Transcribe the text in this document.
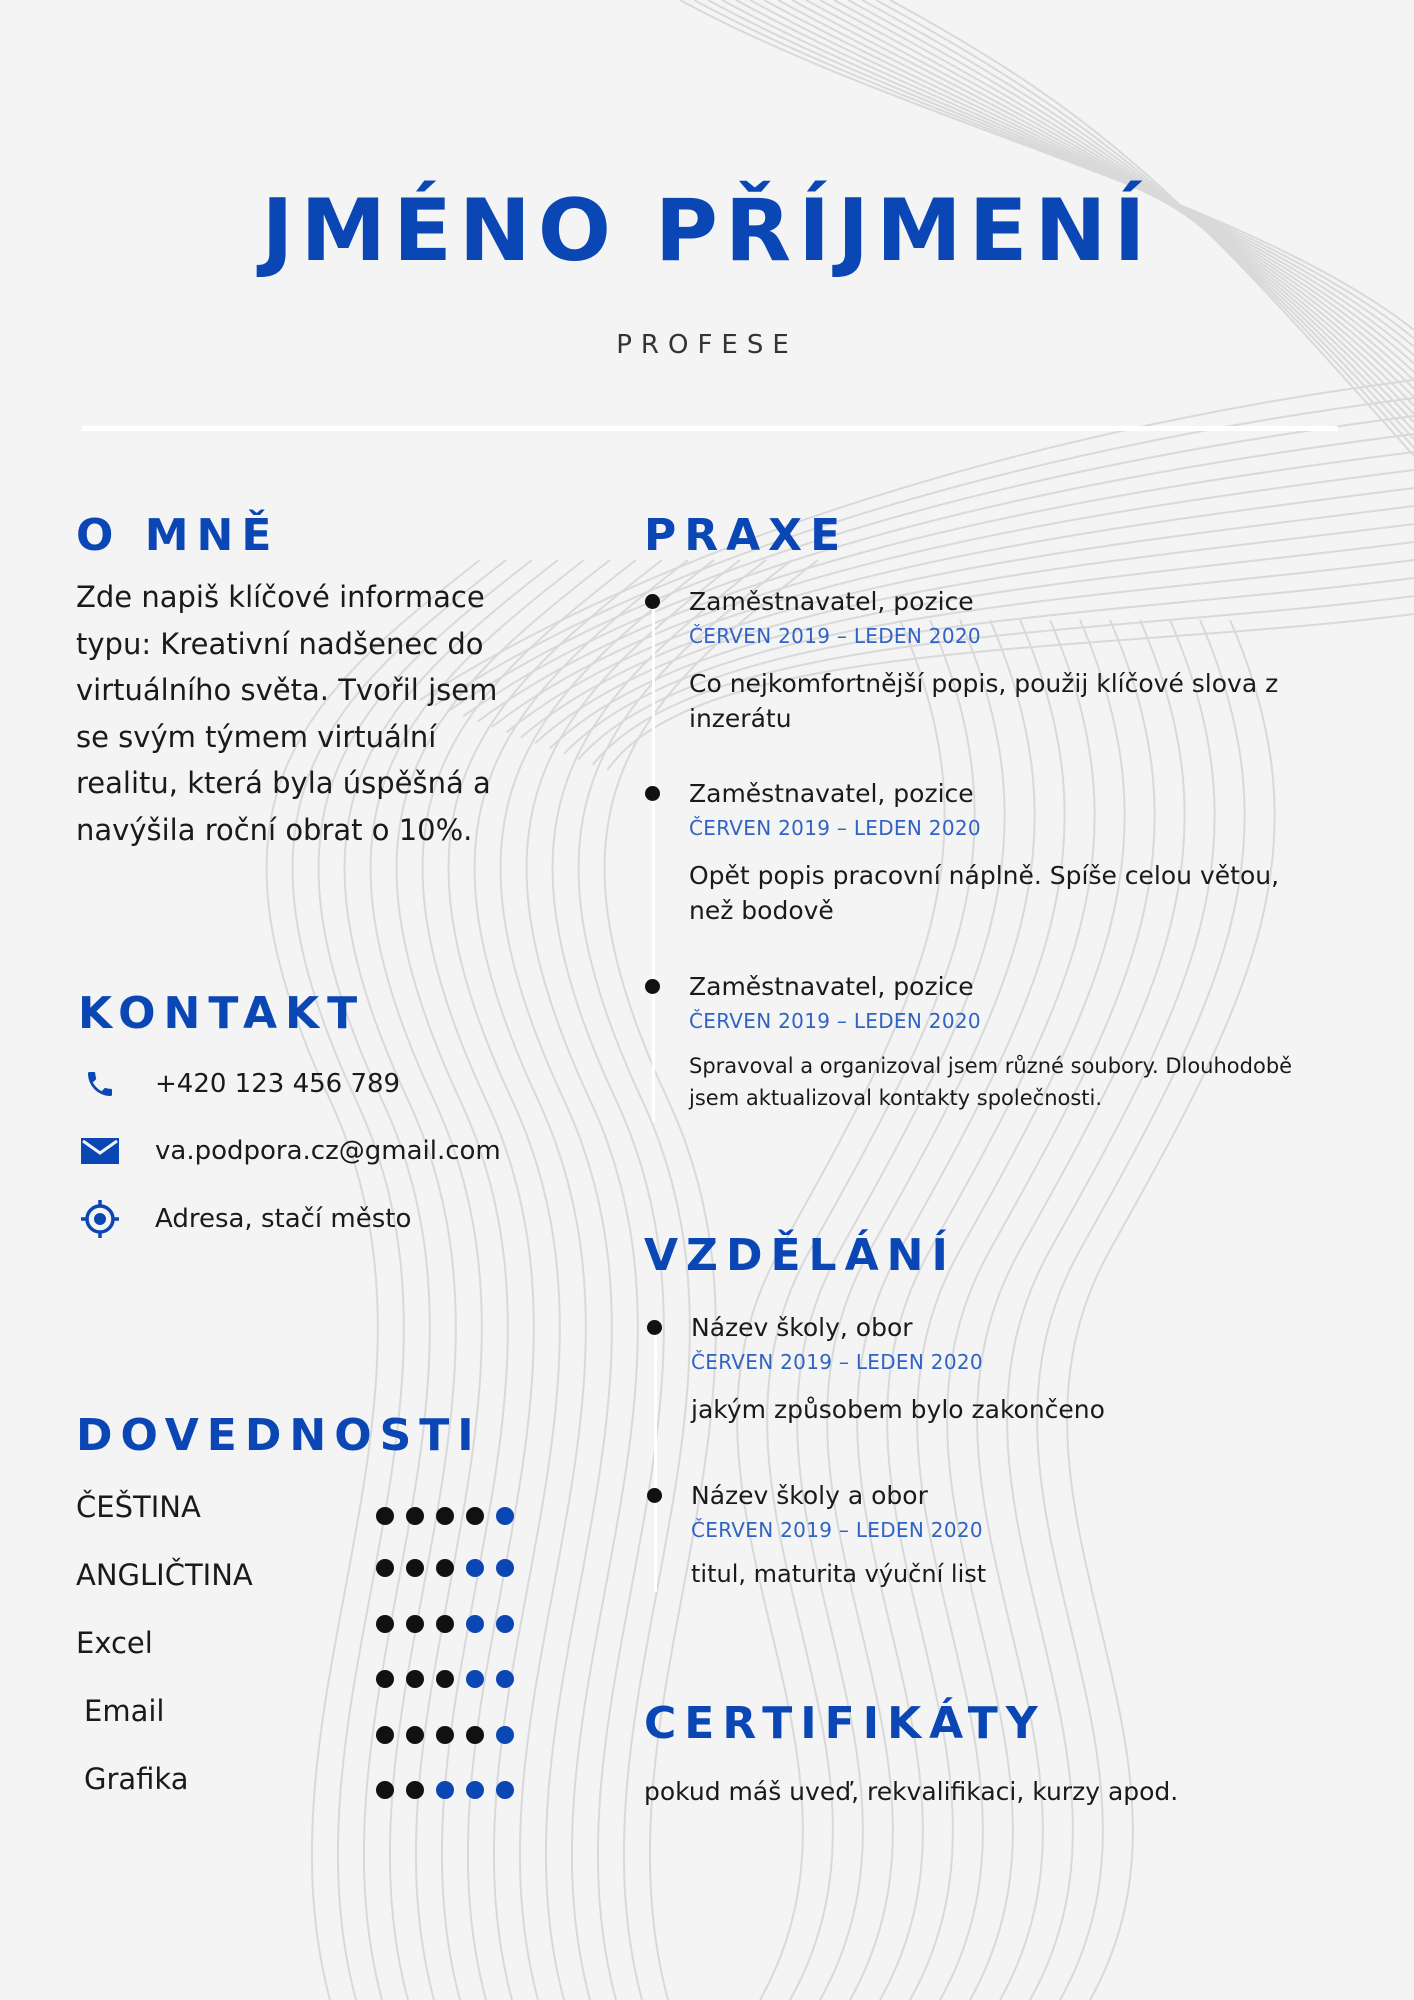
JMÉNO PŘÍJMENÍ
PROFESE
O MNĚ
Zde napiš klíčové informace
typu: Kreativní nadšenec do
virtuálního světa. Tvořil jsem
se svým týmem virtuální
realitu, která byla úspěšná a
navýšila roční obrat o 10%.
KONTAKT
+420 123 456 789
va.podpora.cz@gmail.com
Adresa, stačí město
DOVEDNOSTI
ČEŠTINA
ANGLIČTINA
Excel
Email
Grafika
PRAXE
Zaměstnavatel, pozice
ČERVEN 2019 – LEDEN 2020
Co nejkomfortnější popis, použij klíčové slova z inzerátu
Zaměstnavatel, pozice
ČERVEN 2019 – LEDEN 2020
Opět popis pracovní náplně. Spíše celou větou, než bodově
Zaměstnavatel, pozice
ČERVEN 2019 – LEDEN 2020
Spravoval a organizoval jsem různé soubory. Dlouhodobě jsem aktualizoval kontakty společnosti.
VZDĚLÁNÍ
Název školy, obor
ČERVEN 2019 – LEDEN 2020
jakým způsobem bylo zakončeno
Název školy a obor
ČERVEN 2019 – LEDEN 2020
titul, maturita výuční list
CERTIFIKÁTY
pokud máš uveď, rekvalifikaci, kurzy apod.
